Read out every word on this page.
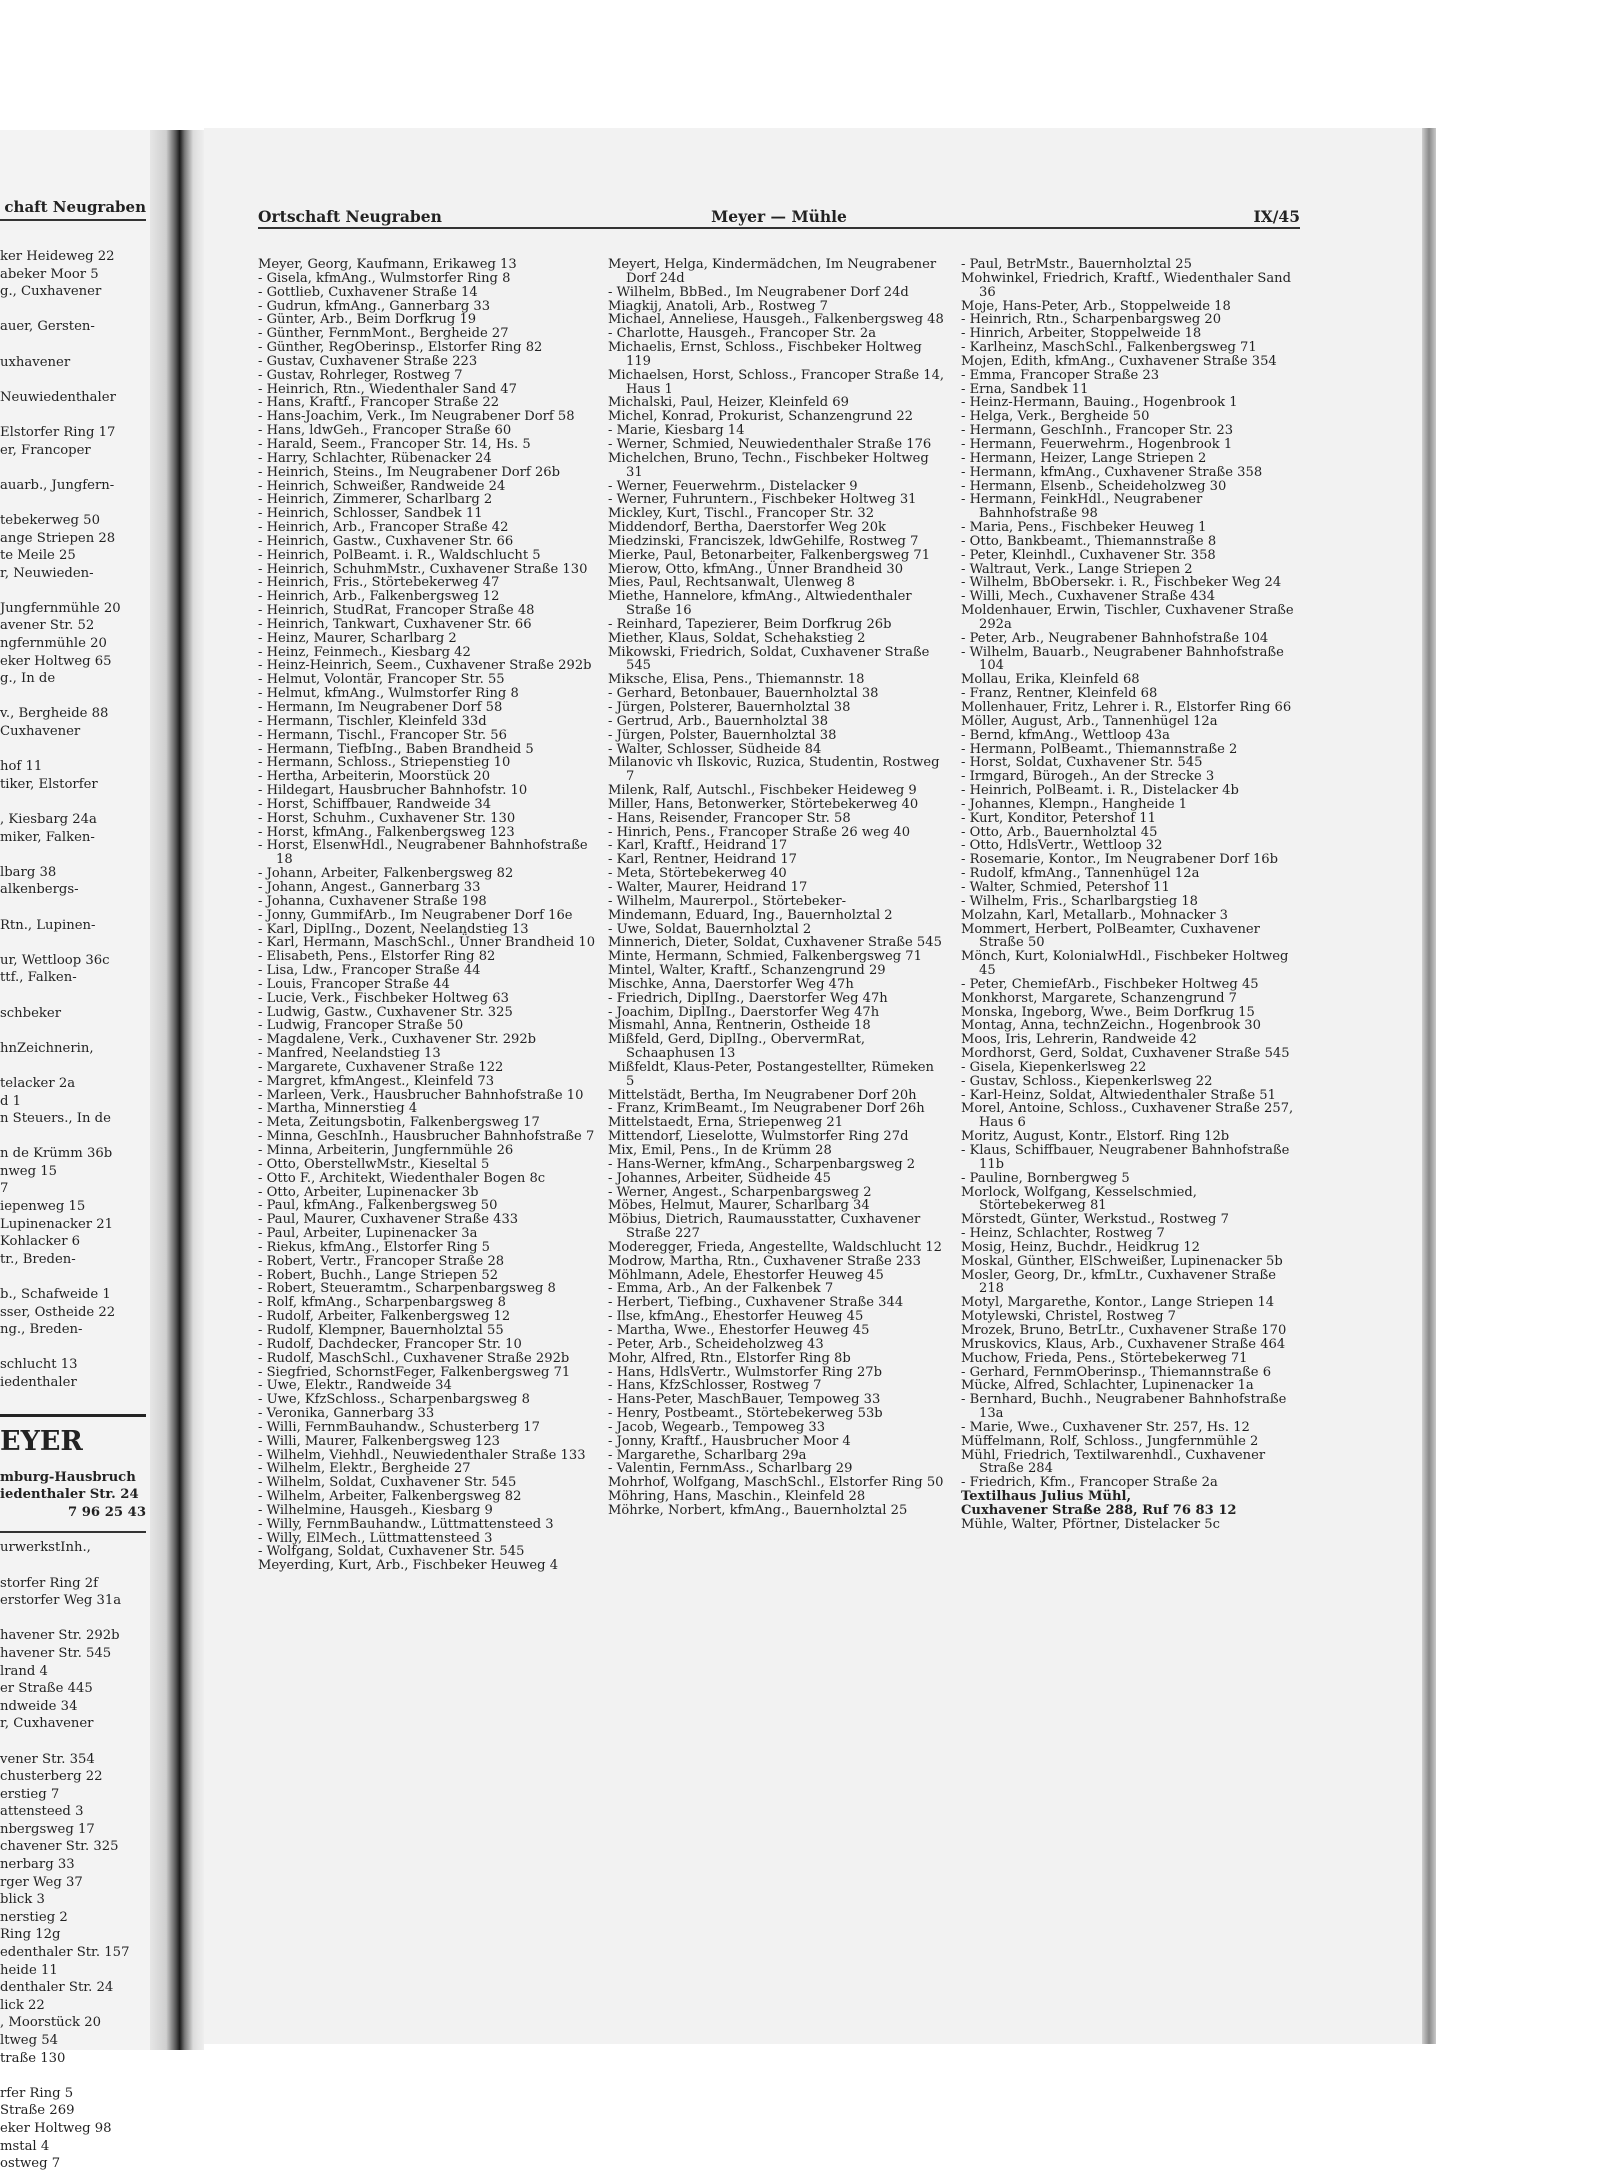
chaft Neugraben
ker Heideweg 22
abeker Moor 5
g., Cuxhavener

auer, Gersten-

uxhavener

Neuwiedenthaler

Elstorfer Ring 17
er, Francoper

auarb., Jungfern-

tebekerweg 50
ange Striepen 28
te Meile 25
r, Neuwieden-

Jungfernmühle 20
avener Str. 52
ngfernmühle 20
eker Holtweg 65
g., In de

v., Bergheide 88
Cuxhavener

hof 11
tiker, Elstorfer

, Kiesbarg 24a
miker, Falken-

lbarg 38
alkenbergs-

Rtn., Lupinen-

ur, Wettloop 36c
ttf., Falken-

schbeker

hnZeichnerin,

telacker 2a
d 1
n Steuers., In de

n de Krümm 36b
nweg 15
7
iepenweg 15
Lupinenacker 21
Kohlacker 6
tr., Breden-

b., Schafweide 1
sser, Ostheide 22
ng., Breden-

schlucht 13
iedenthaler
EYER
mburg-Hausbruch
iedenthaler Str. 24
7 96 25 43
urwerkstInh.,

storfer Ring 2f
erstorfer Weg 31a

havener Str. 292b
havener Str. 545
lrand 4
er Straße 445
ndweide 34
r, Cuxhavener

vener Str. 354
chusterberg 22
erstieg 7
attensteed 3
nbergsweg 17
chavener Str. 325
nerbarg 33
rger Weg 37
blick 3
nerstieg 2
Ring 12g
edenthaler Str. 157
heide 11
denthaler Str. 24
lick 22
, Moorstück 20
ltweg 54
traße 130

rfer Ring 5
Straße 269
eker Holtweg 98
mstal 4
ostweg 7
Ortschaft Neugraben	Meyer — Mühle	IX/45
Meyer, Georg, Kaufmann, Erikaweg 13
- Gisela, kfmAng., Wulmstorfer Ring 8
- Gottlieb, Cuxhavener Straße 14
- Gudrun, kfmAng., Gannerbarg 33
- Günter, Arb., Beim Dorfkrug 19
- Günther, FernmMont., Bergheide 27
- Günther, RegOberinsp., Elstorfer Ring 82
- Gustav, Cuxhavener Straße 223
- Gustav, Rohrleger, Rostweg 7
- Heinrich, Rtn., Wiedenthaler Sand 47
- Hans, Kraftf., Francoper Straße 22
- Hans-Joachim, Verk., Im Neugrabener Dorf 58
- Hans, ldwGeh., Francoper Straße 60
- Harald, Seem., Francoper Str. 14, Hs. 5
- Harry, Schlachter, Rübenacker 24
- Heinrich, Steins., Im Neugrabener Dorf 26b
- Heinrich, Schweißer, Randweide 24
- Heinrich, Zimmerer, Scharlbarg 2
- Heinrich, Schlosser, Sandbek 11
- Heinrich, Arb., Francoper Straße 42
- Heinrich, Gastw., Cuxhavener Str. 66
- Heinrich, PolBeamt. i. R., Waldschlucht 5
- Heinrich, SchuhmMstr., Cuxhavener Straße 130
- Heinrich, Fris., Störtebekerweg 47
- Heinrich, Arb., Falkenbergsweg 12
- Heinrich, StudRat, Francoper Straße 48
- Heinrich, Tankwart, Cuxhavener Str. 66
- Heinz, Maurer, Scharlbarg 2
- Heinz, Feinmech., Kiesbarg 42
- Heinz-Heinrich, Seem., Cuxhavener Straße 292b
- Helmut, Volontär, Francoper Str. 55
- Helmut, kfmAng., Wulmstorfer Ring 8
- Hermann, Im Neugrabener Dorf 58
- Hermann, Tischler, Kleinfeld 33d
- Hermann, Tischl., Francoper Str. 56
- Hermann, TiefbIng., Baben Brandheid 5
- Hermann, Schloss., Striepenstieg 10
- Hertha, Arbeiterin, Moorstück 20
- Hildegart, Hausbrucher Bahnhofstr. 10
- Horst, Schiffbauer, Randweide 34
- Horst, Schuhm., Cuxhavener Str. 130
- Horst, kfmAng., Falkenbergsweg 123
- Horst, ElsenwHdl., Neugrabener Bahnhofstraße 18
- Johann, Arbeiter, Falkenbergsweg 82
- Johann, Angest., Gannerbarg 33
- Johanna, Cuxhavener Straße 198
- Jonny, GummifArb., Im Neugrabener Dorf 16e
- Karl, DiplIng., Dozent, Neelandstieg 13
- Karl, Hermann, MaschSchl., Ünner Brandheid 10
- Elisabeth, Pens., Elstorfer Ring 82
- Lisa, Ldw., Francoper Straße 44
- Louis, Francoper Straße 44
- Lucie, Verk., Fischbeker Holtweg 63
- Ludwig, Gastw., Cuxhavener Str. 325
- Ludwig, Francoper Straße 50
- Magdalene, Verk., Cuxhavener Str. 292b
- Manfred, Neelandstieg 13
- Margarete, Cuxhavener Straße 122
- Margret, kfmAngest., Kleinfeld 73
- Marleen, Verk., Hausbrucher Bahnhofstraße 10
- Martha, Minnerstieg 4
- Meta, Zeitungsbotin, Falkenbergsweg 17
- Minna, GeschInh., Hausbrucher Bahnhofstraße 7
- Minna, Arbeiterin, Jungfernmühle 26
- Otto, OberstellwMstr., Kieseltal 5
- Otto F., Architekt, Wiedenthaler Bogen 8c
- Otto, Arbeiter, Lupinenacker 3b
- Paul, kfmAng., Falkenbergsweg 50
- Paul, Maurer, Cuxhavener Straße 433
- Paul, Arbeiter, Lupinenacker 3a
- Riekus, kfmAng., Elstorfer Ring 5
- Robert, Vertr., Francoper Straße 28
- Robert, Buchh., Lange Striepen 52
- Robert, Steueramtm., Scharpenbargsweg 8
- Rolf, kfmAng., Scharpenbargsweg 8
- Rudolf, Arbeiter, Falkenbergsweg 12
- Rudolf, Klempner, Bauernholztal 55
- Rudolf, Dachdecker, Francoper Str. 10
- Rudolf, MaschSchl., Cuxhavener Straße 292b
- Siegfried, SchornstFeger, Falkenbergsweg 71
- Uwe, Elektr., Randweide 34
- Uwe, KfzSchloss., Scharpenbargsweg 8
- Veronika, Gannerbarg 33
- Willi, FernmBauhandw., Schusterberg 17
- Willi, Maurer, Falkenbergsweg 123
- Wilhelm, Viehhdl., Neuwiedenthaler Straße 133
- Wilhelm, Elektr., Bergheide 27
- Wilhelm, Soldat, Cuxhavener Str. 545
- Wilhelm, Arbeiter, Falkenbergsweg 82
- Wilhelmine, Hausgeh., Kiesbarg 9
- Willy, FernmBauhandw., Lüttmattensteed 3
- Willy, ElMech., Lüttmattensteed 3
- Wolfgang, Soldat, Cuxhavener Str. 545
Meyerding, Kurt, Arb., Fischbeker Heuweg 4
Meyert, Helga, Kindermädchen, Im Neugrabener Dorf 24d
- Wilhelm, BbBed., Im Neugrabener Dorf 24d
Miagkij, Anatoli, Arb., Rostweg 7
Michael, Anneliese, Hausgeh., Falkenbergsweg 48
- Charlotte, Hausgeh., Francoper Str. 2a
Michaelis, Ernst, Schloss., Fischbeker Holtweg 119
Michaelsen, Horst, Schloss., Francoper Straße 14, Haus 1
Michalski, Paul, Heizer, Kleinfeld 69
Michel, Konrad, Prokurist, Schanzengrund 22
- Marie, Kiesbarg 14
- Werner, Schmied, Neuwiedenthaler Straße 176
Michelchen, Bruno, Techn., Fischbeker Holtweg 31
- Werner, Feuerwehrm., Distelacker 9
- Werner, Fuhruntern., Fischbeker Holtweg 31
Mickley, Kurt, Tischl., Francoper Str. 32
Middendorf, Bertha, Daerstorfer Weg 20k
Miedzinski, Franciszek, ldwGehilfe, Rostweg 7
Mierke, Paul, Betonarbeiter, Falkenbergsweg 71
Mierow, Otto, kfmAng., Ünner Brandheid 30
Mies, Paul, Rechtsanwalt, Ulenweg 8
Miethe, Hannelore, kfmAng., Altwiedenthaler Straße 16
- Reinhard, Tapezierer, Beim Dorfkrug 26b
Miether, Klaus, Soldat, Schehakstieg 2
Mikowski, Friedrich, Soldat, Cuxhavener Straße 545
Miksche, Elisa, Pens., Thiemannstr. 18
- Gerhard, Betonbauer, Bauernholztal 38
- Jürgen, Polsterer, Bauernholztal 38
- Gertrud, Arb., Bauernholztal 38
- Jürgen, Polster, Bauernholztal 38
- Walter, Schlosser, Südheide 84
Milanovic vh Ilskovic, Ruzica, Studentin, Rostweg 7
Milenk, Ralf, Autschl., Fischbeker Heideweg 9
Miller, Hans, Betonwerker, Störtebekerweg 40
- Hans, Reisender, Francoper Str. 58
- Hinrich, Pens., Francoper Straße 26 weg 40
- Karl, Kraftf., Heidrand 17
- Karl, Rentner, Heidrand 17
- Meta, Störtebekerweg 40
- Walter, Maurer, Heidrand 17
- Wilhelm, Maurerpol., Störtebeker-
Mindemann, Eduard, Ing., Bauernholztal 2
- Uwe, Soldat, Bauernholztal 2
Minnerich, Dieter, Soldat, Cuxhavener Straße 545
Minte, Hermann, Schmied, Falkenbergsweg 71
Mintel, Walter, Kraftf., Schanzengrund 29
Mischke, Anna, Daerstorfer Weg 47h
- Friedrich, DiplIng., Daerstorfer Weg 47h
- Joachim, DiplIng., Daerstorfer Weg 47h
Mismahl, Anna, Rentnerin, Ostheide 18
Mißfeld, Gerd, DiplIng., ObervermRat, Schaaphusen 13
Mißfeldt, Klaus-Peter, Postangestellter, Rümeken 5
Mittelstädt, Bertha, Im Neugrabener Dorf 20h
- Franz, KrimBeamt., Im Neugrabener Dorf 26h
Mittelstaedt, Erna, Striepenweg 21
Mittendorf, Lieselotte, Wulmstorfer Ring 27d
Mix, Emil, Pens., In de Krümm 28
- Hans-Werner, kfmAng., Scharpenbargsweg 2
- Johannes, Arbeiter, Südheide 45
- Werner, Angest., Scharpenbargsweg 2
Möbes, Helmut, Maurer, Scharlbarg 34
Möbius, Dietrich, Raumausstatter, Cuxhavener Straße 227
Moderegger, Frieda, Angestellte, Waldschlucht 12
Modrow, Martha, Rtn., Cuxhavener Straße 233
Möhlmann, Adele, Ehestorfer Heuweg 45
- Emma, Arb., An der Falkenbek 7
- Herbert, Tiefbing., Cuxhavener Straße 344
- Ilse, kfmAng., Ehestorfer Heuweg 45
- Martha, Wwe., Ehestorfer Heuweg 45
- Peter, Arb., Scheideholzweg 43
Mohr, Alfred, Rtn., Elstorfer Ring 8b
- Hans, HdlsVertr., Wulmstorfer Ring 27b
- Hans, KfzSchlosser, Rostweg 7
- Hans-Peter, MaschBauer, Tempoweg 33
- Henry, Postbeamt., Störtebekerweg 53b
- Jacob, Wegearb., Tempoweg 33
- Jonny, Kraftf., Hausbrucher Moor 4
- Margarethe, Scharlbarg 29a
- Valentin, FernmAss., Scharlbarg 29
Mohrhof, Wolfgang, MaschSchl., Elstorfer Ring 50
Möhring, Hans, Maschin., Kleinfeld 28
Möhrke, Norbert, kfmAng., Bauernholztal 25
- Paul, BetrMstr., Bauernholztal 25
Mohwinkel, Friedrich, Kraftf., Wiedenthaler Sand 36
Moje, Hans-Peter, Arb., Stoppelweide 18
- Heinrich, Rtn., Scharpenbargsweg 20
- Hinrich, Arbeiter, Stoppelweide 18
- Karlheinz, MaschSchl., Falkenbergsweg 71
Mojen, Edith, kfmAng., Cuxhavener Straße 354
- Emma, Francoper Straße 23
- Erna, Sandbek 11
- Heinz-Hermann, Bauing., Hogenbrook 1
- Helga, Verk., Bergheide 50
- Hermann, GeschInh., Francoper Str. 23
- Hermann, Feuerwehrm., Hogenbrook 1
- Hermann, Heizer, Lange Striepen 2
- Hermann, kfmAng., Cuxhavener Straße 358
- Hermann, Elsenb., Scheideholzweg 30
- Hermann, FeinkHdl., Neugrabener Bahnhofstraße 98
- Maria, Pens., Fischbeker Heuweg 1
- Otto, Bankbeamt., Thiemannstraße 8
- Peter, Kleinhdl., Cuxhavener Str. 358
- Waltraut, Verk., Lange Striepen 2
- Wilhelm, BbObersekr. i. R., Fischbeker Weg 24
- Willi, Mech., Cuxhavener Straße 434
Moldenhauer, Erwin, Tischler, Cuxhavener Straße 292a
- Peter, Arb., Neugrabener Bahnhofstraße 104
- Wilhelm, Bauarb., Neugrabener Bahnhofstraße 104
Mollau, Erika, Kleinfeld 68
- Franz, Rentner, Kleinfeld 68
Mollenhauer, Fritz, Lehrer i. R., Elstorfer Ring 66
Möller, August, Arb., Tannenhügel 12a
- Bernd, kfmAng., Wettloop 43a
- Hermann, PolBeamt., Thiemannstraße 2
- Horst, Soldat, Cuxhavener Str. 545
- Irmgard, Bürogeh., An der Strecke 3
- Heinrich, PolBeamt. i. R., Distelacker 4b
- Johannes, Klempn., Hangheide 1
- Kurt, Konditor, Petershof 11
- Otto, Arb., Bauernholztal 45
- Otto, HdlsVertr., Wettloop 32
- Rosemarie, Kontor., Im Neugrabener Dorf 16b
- Rudolf, kfmAng., Tannenhügel 12a
- Walter, Schmied, Petershof 11
- Wilhelm, Fris., Scharlbargstieg 18
Molzahn, Karl, Metallarb., Mohnacker 3
Mommert, Herbert, PolBeamter, Cuxhavener Straße 50
Mönch, Kurt, KolonialwHdl., Fischbeker Holtweg 45
- Peter, ChemiefArb., Fischbeker Holtweg 45
Monkhorst, Margarete, Schanzengrund 7
Monska, Ingeborg, Wwe., Beim Dorfkrug 15
Montag, Anna, technZeichn., Hogenbrook 30
Moos, Iris, Lehrerin, Randweide 42
Mordhorst, Gerd, Soldat, Cuxhavener Straße 545
- Gisela, Kiepenkerlsweg 22
- Gustav, Schloss., Kiepenkerlsweg 22
- Karl-Heinz, Soldat, Altwiedenthaler Straße 51
Morel, Antoine, Schloss., Cuxhavener Straße 257, Haus 6
Moritz, August, Kontr., Elstorf. Ring 12b
- Klaus, Schiffbauer, Neugrabener Bahnhofstraße 11b
- Pauline, Bornbergweg 5
Morlock, Wolfgang, Kesselschmied, Störtebekerweg 81
Mörstedt, Günter, Werkstud., Rostweg 7
- Heinz, Schlachter, Rostweg 7
Mosig, Heinz, Buchdr., Heidkrug 12
Moskal, Günther, ElSchweißer, Lupinenacker 5b
Mosler, Georg, Dr., kfmLtr., Cuxhavener Straße 218
Motyl, Margarethe, Kontor., Lange Striepen 14
Motylewski, Christel, Rostweg 7
Mrozek, Bruno, BetrLtr., Cuxhavener Straße 170
Mruskovics, Klaus, Arb., Cuxhavener Straße 464
Muchow, Frieda, Pens., Störtebekerweg 71
- Gerhard, FernmOberinsp., Thiemannstraße 6
Mücke, Alfred, Schlachter, Lupinenacker 1a
- Bernhard, Buchh., Neugrabener Bahnhofstraße 13a
- Marie, Wwe., Cuxhavener Str. 257, Hs. 12
Müffelmann, Rolf, Schloss., Jungfernmühle 2
Mühl, Friedrich, Textilwarenhdl., Cuxhavener Straße 284
- Friedrich, Kfm., Francoper Straße 2a
Textilhaus Julius Mühl,
Cuxhavener Straße 288, Ruf 76 83 12
Mühle, Walter, Pförtner, Distelacker 5c
